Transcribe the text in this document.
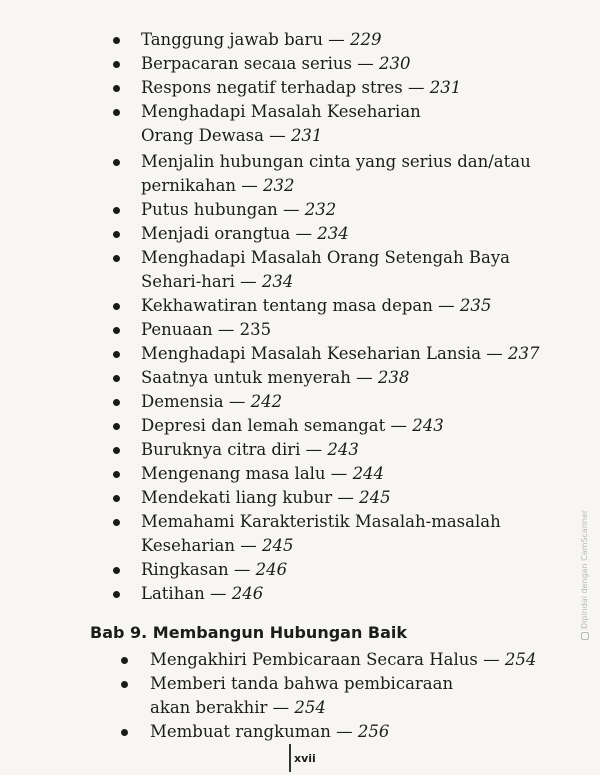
Tanggung jawab baru — 229
Berpacaran secaıa serius — 230
Respons negatif terhadap stres — 231
Menghadapi Masalah Keseharian
Orang Dewasa — 231
Menjalin hubungan cinta yang serius dan/atau
pernikahan — 232
Putus hubungan — 232
Menjadi orangtua — 234
Menghadapi Masalah Orang Setengah Baya
Sehari-hari — 234
Kekhawatiran tentang masa depan — 235
Penuaan — 235
Menghadapi Masalah Keseharian Lansia — 237
Saatnya untuk menyerah — 238
Demensia — 242
Depresi dan lemah semangat — 243
Buruknya citra diri — 243
Mengenang masa lalu — 244
Mendekati liang kubur — 245
Memahami Karakteristik Masalah-masalah
Keseharian — 245
Ringkasan — 246
Latihan — 246
Mengakhiri Pembicaraan Secara Halus — 254
Memberi tanda bahwa pembicaraan
akan berakhir — 254
Membuat rangkuman — 256
Bab 9. Membangun Hubungan Baik
xvii
Dipindai dengan CamScanner
